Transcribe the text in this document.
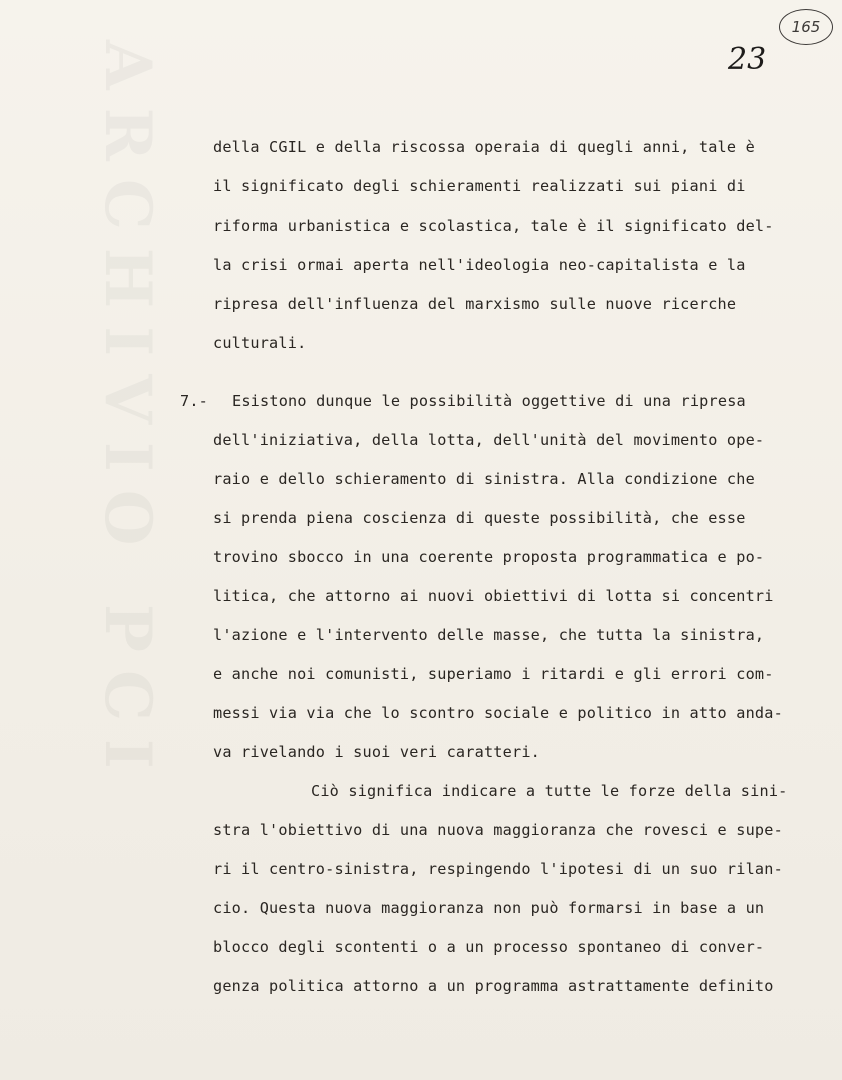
ARCHIVIO PCI
165
23
della CGIL e della riscossa operaia di quegli anni, tale è
il significato degli schieramenti realizzati sui piani di
riforma urbanistica e scolastica, tale è il significato del-
la crisi ormai aperta nell'ideologia neo-capitalista e la
ripresa dell'influenza del marxismo sulle nuove ricerche
culturali.
7.- Esistono dunque le possibilità oggettive di una ripresa
dell'iniziativa, della lotta, dell'unità del movimento ope-
raio e dello schieramento di sinistra. Alla condizione che
si prenda piena coscienza di queste possibilità, che esse
trovino sbocco in una coerente proposta programmatica e po-
litica, che attorno ai nuovi obiettivi di lotta si concentri
l'azione e l'intervento delle masse, che tutta la sinistra,
e anche noi comunisti, superiamo i ritardi e gli errori com-
messi via via che lo scontro sociale e politico in atto anda-
va rivelando i suoi veri caratteri.
Ciò significa indicare a tutte le forze della sini-
stra l'obiettivo di una nuova maggioranza che rovesci e supe-
ri il centro-sinistra, respingendo l'ipotesi di un suo rilan-
cio. Questa nuova maggioranza non può formarsi in base a un
blocco degli scontenti o a un processo spontaneo di conver-
genza politica attorno a un programma astrattamente definito
